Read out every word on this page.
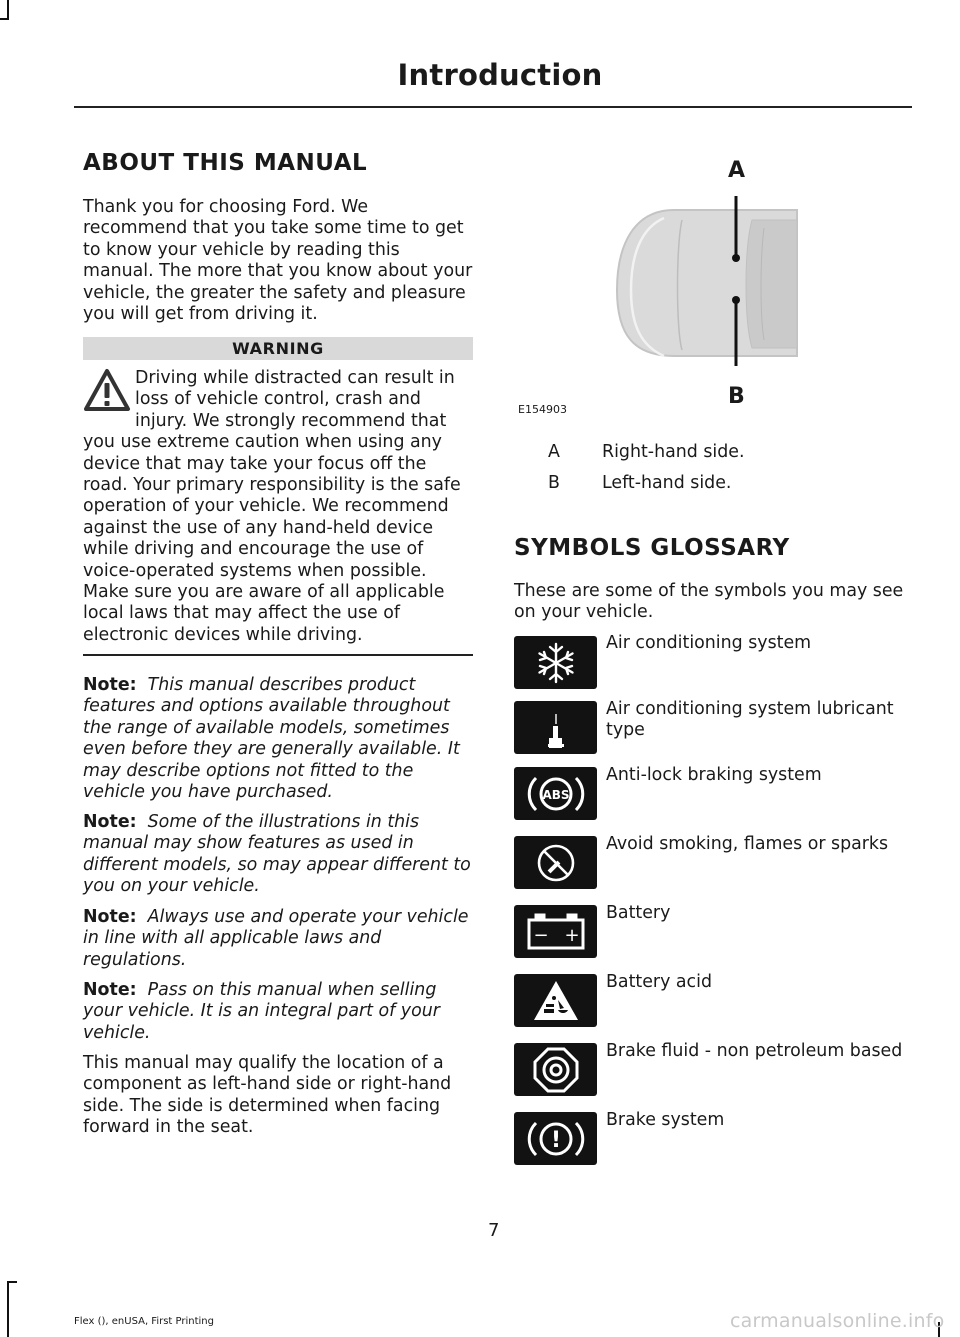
Introduction
ABOUT THIS MANUAL
Thank you for choosing Ford. We recommend that you take some time to get to know your vehicle by reading this manual. The more that you know about your vehicle, the greater the safety and pleasure you will get from driving it.
WARNING
Driving while distracted can result in loss of vehicle control, crash and injury. We strongly recommend that you use extreme caution when using any device that may take your focus off the road. Your primary responsibility is the safe operation of your vehicle. We recommend against the use of any hand-held device while driving and encourage the use of voice-operated systems when possible. Make sure you are aware of all applicable local laws that may affect the use of electronic devices while driving.
Note: This manual describes product features and options available throughout the range of available models, sometimes even before they are generally available. It may describe options not fitted to the vehicle you have purchased.
Note: Some of the illustrations in this manual may show features as used in different models, so may appear different to you on your vehicle.
Note: Always use and operate your vehicle in line with all applicable laws and regulations.
Note: Pass on this manual when selling your vehicle. It is an integral part of your vehicle.
This manual may qualify the location of a component as left-hand side or right-hand side. The side is determined when facing forward in the seat.
A
B
E154903
A Right-hand side.
B Left-hand side.
SYMBOLS GLOSSARY
These are some of the symbols you may see on your vehicle.
ABS
− +
!
Air conditioning system
Air conditioning system lubricant type
Anti-lock braking system
Avoid smoking, flames or sparks
Battery
Battery acid
Brake fluid - non petroleum based
Brake system
7
Flex (), enUSA, First Printing	carmanualsonline.info
